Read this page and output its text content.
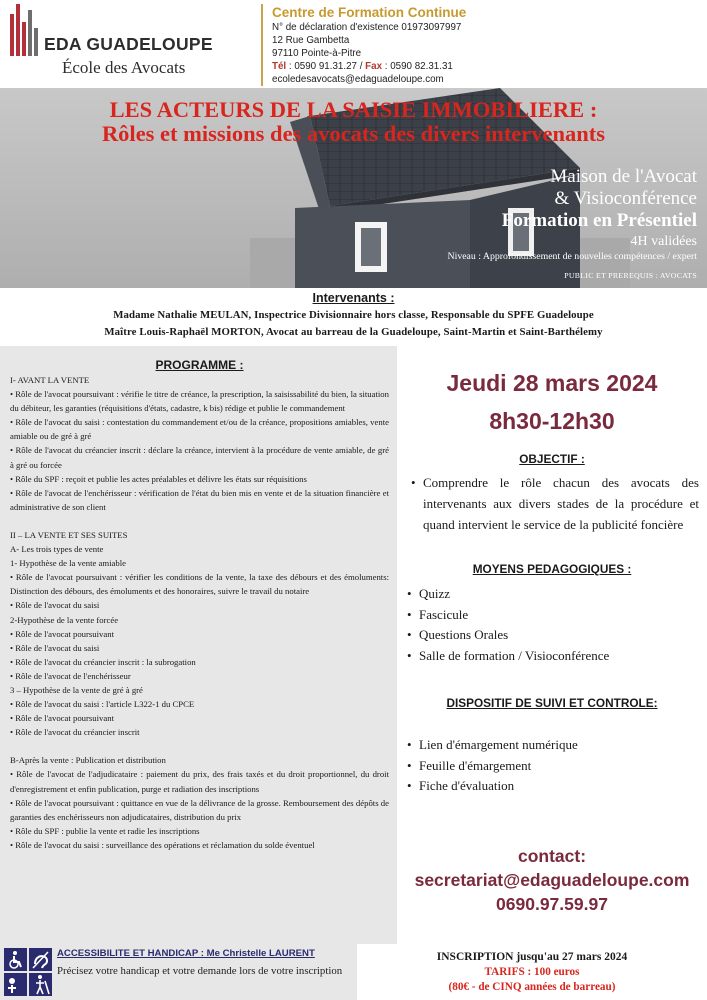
EDA GUADELOUPE
École des Avocats
Centre de Formation Continue
N° de déclaration d'existence 01973097997
12 Rue Gambetta
97110 Pointe-à-Pitre
Tél : 0590 91.31.27 / Fax : 0590 82.31.31
ecoledesavocats@edaguadeloupe.com
LES ACTEURS DE LA SAISIE IMMOBILIERE :
Rôles et missions des avocats des divers intervenants
Maison de l'Avocat
& Visioconférence
Formation en Présentiel
4H validées
Niveau : Approfondissement de nouvelles compétences / expert
PUBLIC ET PREREQUIS : AVOCATS
Intervenants :
Madame Nathalie MEULAN, Inspectrice Divisionnaire hors classe, Responsable du SPFE Guadeloupe
Maître Louis-Raphaël MORTON, Avocat au barreau de la Guadeloupe, Saint-Martin et Saint-Barthélemy
PROGRAMME :
I- AVANT LA VENTE
• Rôle de l'avocat poursuivant : vérifie le titre de créance, la prescription, la saisissabilité du bien, la situation du débiteur, les garanties (réquisitions d'états, cadastre, k bis) rédige et publie le commandement
• Rôle de l'avocat du saisi : contestation du commandement et/ou de la créance, propositions amiables, vente amiable ou de gré à gré
• Rôle de l'avocat du créancier inscrit : déclare la créance, intervient à la procédure de vente amiable, de gré à gré ou forcée
• Rôle du SPF : reçoit et publie les actes préalables et délivre les états sur réquisitions
• Rôle de l'avocat de l'enchérisseur : vérification de l'état du bien mis en vente et de la situation financière et administrative de son client
II – LA VENTE ET SES SUITES
A- Les trois types de vente
1- Hypothèse de la vente amiable
• Rôle de l'avocat poursuivant : vérifier les conditions de la vente, la taxe des débours et des émoluments: Distinction des débours, des émoluments et des honoraires, suivre le travail du notaire
• Rôle de l'avocat du saisi
2-Hypothèse de la vente forcée
• Rôle de l'avocat poursuivant
• Rôle de l'avocat du saisi
• Rôle de l'avocat du créancier inscrit : la subrogation
• Rôle de l'avocat de l'enchérisseur
3 – Hypothèse de la vente de gré à gré
• Rôle de l'avocat du saisi : l'article L322-1 du CPCE
• Rôle de l'avocat poursuivant
• Rôle de l'avocat du créancier inscrit
B-Après la vente : Publication et distribution
• Rôle de l'avocat de l'adjudicataire : paiement du prix, des frais taxés et du droit proportionnel, du droit d'enregistrement et enfin publication, purge et radiation des inscriptions
• Rôle de l'avocat poursuivant : quittance en vue de la délivrance de la grosse. Remboursement des dépôts de garanties des enchérisseurs non adjudicataires, distribution du prix
• Rôle du SPF : publie la vente et radie les inscriptions
• Rôle de l'avocat du saisi : surveillance des opérations et réclamation du solde éventuel
Jeudi 28 mars 2024
8h30-12h30
OBJECTIF :
• Comprendre le rôle chacun des avocats des intervenants aux divers stades de la procédure et quand intervient le service de la publicité foncière
MOYENS PEDAGOGIQUES :
• Quizz
• Fascicule
• Questions Orales
• Salle de formation / Visioconférence
DISPOSITIF DE SUIVI ET CONTROLE:
• Lien d'émargement numérique
• Feuille d'émargement
• Fiche d'évaluation
contact:
secretariat@edaguadeloupe.com
0690.97.59.97
ACCESSIBILITE ET HANDICAP : Me Christelle LAURENT
Précisez votre handicap et votre demande lors de votre inscription
INSCRIPTION jusqu'au 27 mars 2024
TARIFS : 100 euros
(80€ - de CINQ années de barreau)
